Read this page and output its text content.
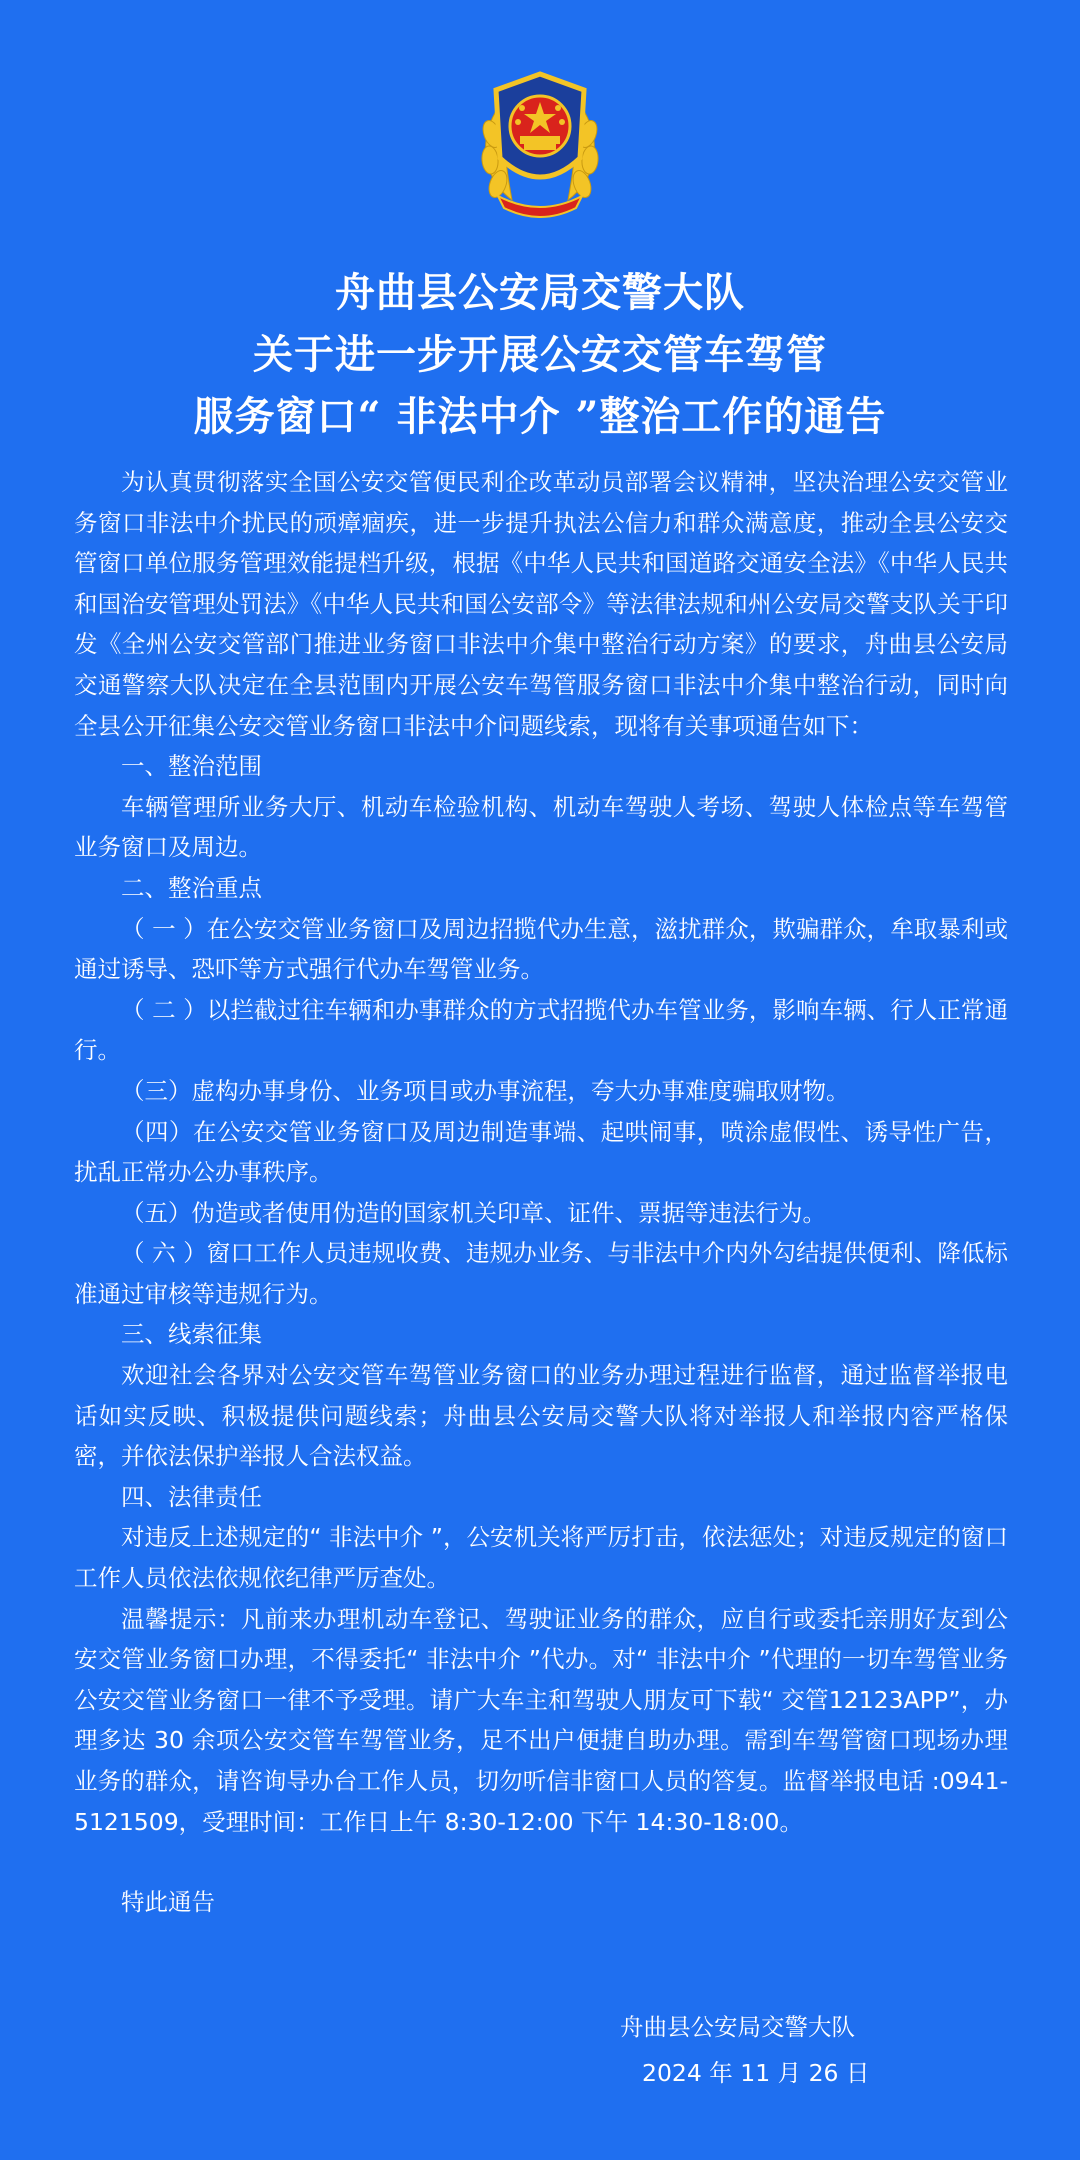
舟曲县公安局交警大队
关于进一步开展公安交管车驾管
服务窗口“ 非法中介 ”整治工作的通告

为认真贯彻落实全国公安交管便民利企改革动员部署会议精神，坚决治理公安交管业务窗口非法中介扰民的顽瘴痼疾，进一步提升执法公信力和群众满意度，推动全县公安交管窗口单位服务管理效能提档升级，根据《中华人民共和国道路交通安全法》《中华人民共和国治安管理处罚法》《中华人民共和国公安部令》等法律法规和州公安局交警支队关于印发《全州公安交管部门推进业务窗口非法中介集中整治行动方案》的要求，舟曲县公安局交通警察大队决定在全县范围内开展公安车驾管服务窗口非法中介集中整治行动，同时向全县公开征集公安交管业务窗口非法中介问题线索，现将有关事项通告如下：

一、整治范围

车辆管理所业务大厅、机动车检验机构、机动车驾驶人考场、驾驶人体检点等车驾管业务窗口及周边。

二、整治重点

（ 一 ）在公安交管业务窗口及周边招揽代办生意，滋扰群众，欺骗群众，牟取暴利或通过诱导、恐吓等方式强行代办车驾管业务。

（ 二 ）以拦截过往车辆和办事群众的方式招揽代办车管业务，影响车辆、行人正常通行。

（三）虚构办事身份、业务项目或办事流程，夸大办事难度骗取财物。

（四）在公安交管业务窗口及周边制造事端、起哄闹事，喷涂虚假性、诱导性广告，扰乱正常办公办事秩序。

（五）伪造或者使用伪造的国家机关印章、证件、票据等违法行为。

（ 六 ）窗口工作人员违规收费、违规办业务、与非法中介内外勾结提供便利、降低标准通过审核等违规行为。

三、线索征集

欢迎社会各界对公安交管车驾管业务窗口的业务办理过程进行监督，通过监督举报电话如实反映、积极提供问题线索；舟曲县公安局交警大队将对举报人和举报内容严格保密，并依法保护举报人合法权益。

四、法律责任

对违反上述规定的“ 非法中介 ”，公安机关将严厉打击，依法惩处；对违反规定的窗口工作人员依法依规依纪律严厉查处。

温馨提示：凡前来办理机动车登记、驾驶证业务的群众，应自行或委托亲朋好友到公安交管业务窗口办理，不得委托“ 非法中介 ”代办。对“ 非法中介 ”代理的一切车驾管业务公安交管业务窗口一律不予受理。请广大车主和驾驶人朋友可下载“ 交管12123APP”，办理多达 30 余项公安交管车驾管业务，足不出户便捷自助办理。需到车驾管窗口现场办理业务的群众，请咨询导办台工作人员，切勿听信非窗口人员的答复。监督举报电话 :0941-5121509，受理时间：工作日上午 8:30-12:00 下午 14:30-18:00。

特此通告

舟曲县公安局交警大队
2024 年 11 月 26 日
